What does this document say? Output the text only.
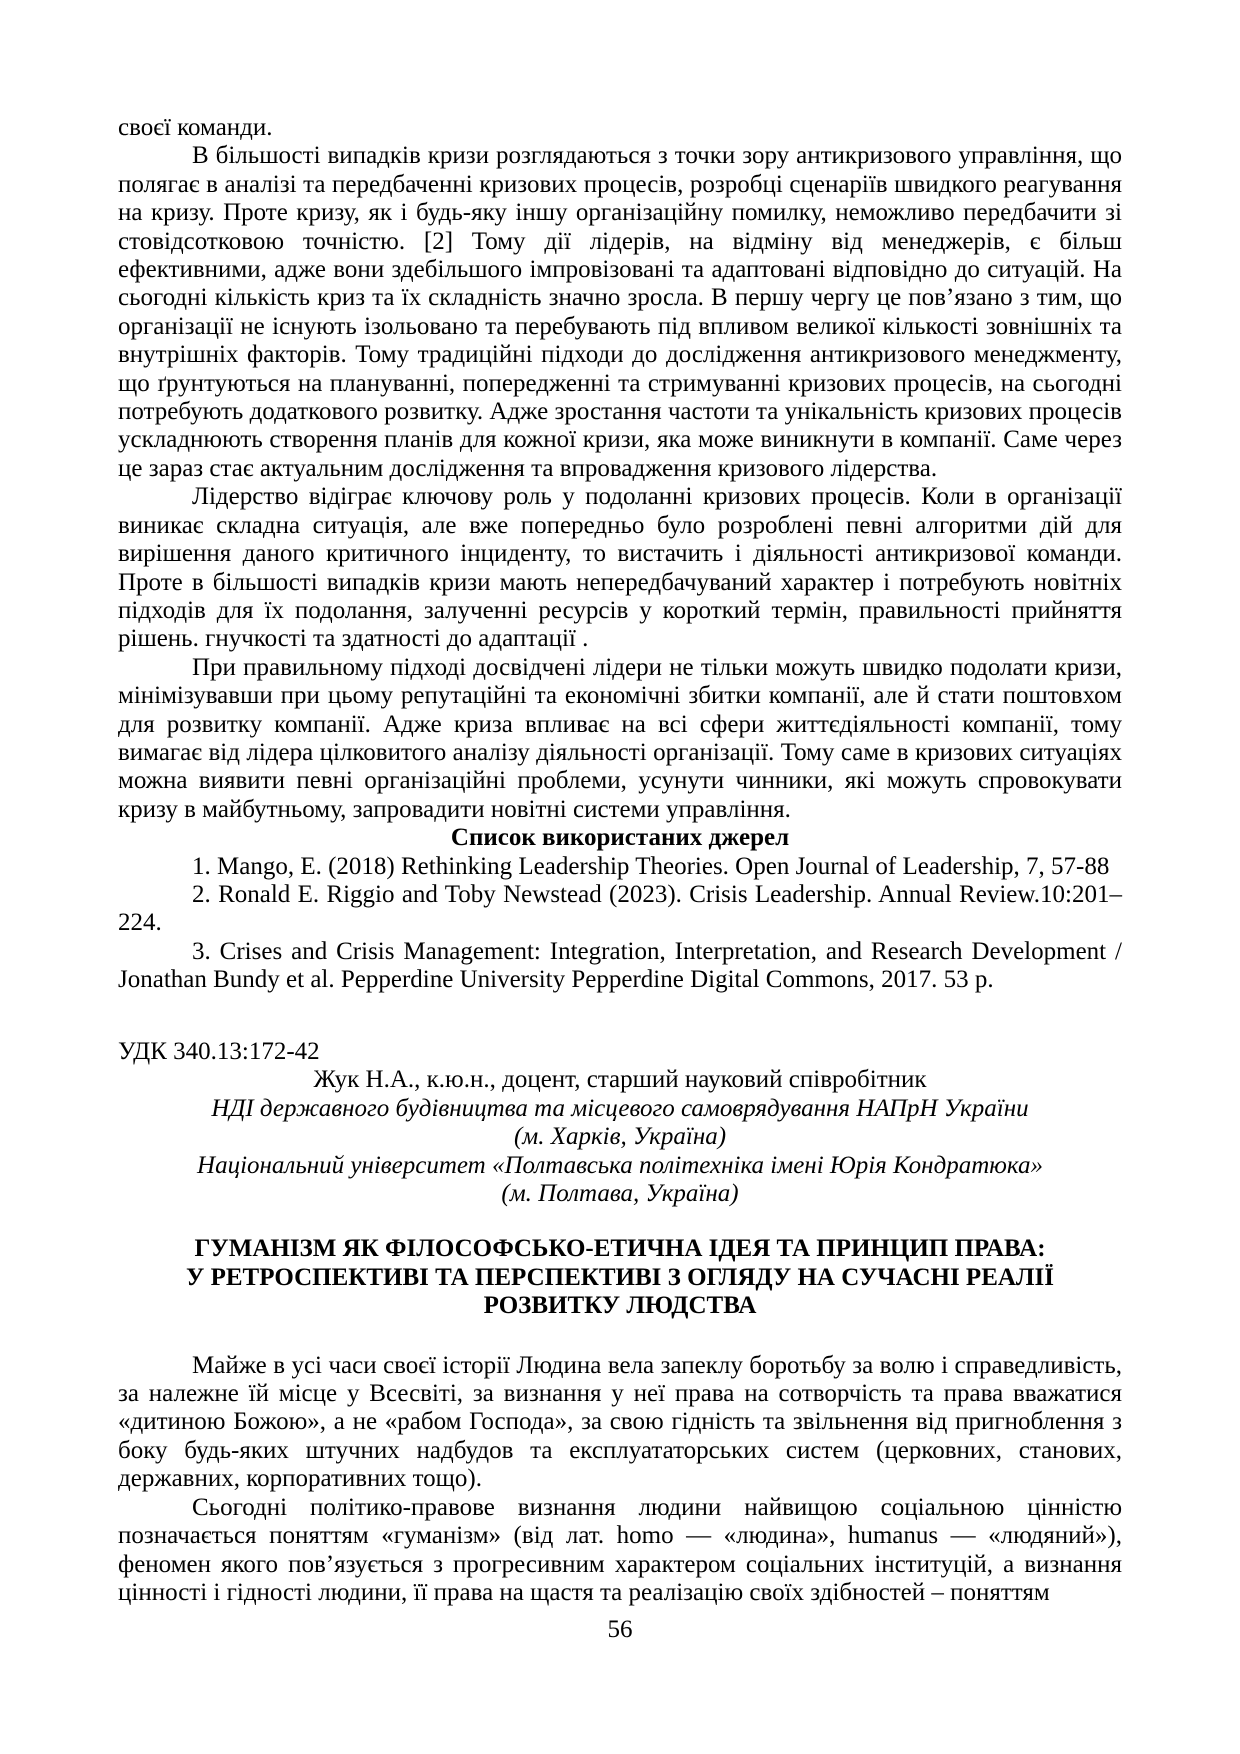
своєї команди.

В більшості випадків кризи розглядаються з точки зору антикризового управління, що полягає в аналізі та передбаченні кризових процесів, розробці сценаріїв швидкого реагування на кризу. Проте кризу, як і будь-яку іншу організаційну помилку, неможливо передбачити зі стовідсотковою точністю. [2] Тому дії лідерів, на відміну від менеджерів, є більш ефективними, адже вони здебільшого імпровізовані та адаптовані відповідно до ситуацій. На сьогодні кількість криз та їх складність значно зросла. В першу чергу це пов’язано з тим, що організації не існують ізольовано та перебувають під впливом великої кількості зовнішніх та внутрішніх факторів. Тому традиційні підходи до дослідження антикризового менеджменту, що ґрунтуються на плануванні, попередженні та стримуванні кризових процесів, на сьогодні потребують додаткового розвитку. Адже зростання частоти та унікальність кризових процесів ускладнюють створення планів для кожної кризи, яка може виникнути в компанії. Саме через це зараз стає актуальним дослідження та впровадження кризового лідерства.

Лідерство відіграє ключову роль у подоланні кризових процесів. Коли в організації виникає складна ситуація, але вже попередньо було розроблені певні алгоритми дій для вирішення даного критичного інциденту, то вистачить і діяльності антикризової команди. Проте в більшості випадків кризи мають непередбачуваний характер і потребують новітніх підходів для їх подолання, залученні ресурсів у короткий термін, правильності прийняття рішень. гнучкості та здатності до адаптації .

При правильному підході досвідчені лідери не тільки можуть швидко подолати кризи, мінімізувавши при цьому репутаційні та економічні збитки компанії, але й стати поштовхом для розвитку компанії. Адже криза впливає на всі сфери життєдіяльності компанії, тому вимагає від лідера цілковитого аналізу діяльності організації. Тому саме в кризових ситуаціях можна виявити певні організаційні проблеми, усунути чинники, які можуть спровокувати кризу в майбутньому, запровадити новітні системи управління.

Список використаних джерел

1. Mango, E. (2018) Rethinking Leadership Theories. Open Journal of Leadership, 7, 57-88

2. Ronald E. Riggio and Toby Newstead (2023). Crisis Leadership. Annual Review.10:201–224.

3. Crises and Crisis Management: Integration, Interpretation, and Research Development / Jonathan Bundy et al. Pepperdine University Pepperdine Digital Commons, 2017. 53 p.

УДК 340.13:172-42

Жук Н.А., к.ю.н., доцент, старший науковий співробітник

НДІ державного будівництва та місцевого самоврядування НАПрН України

(м. Харків, Україна)

Національний університет «Полтавська політехніка імені Юрія Кондратюка»

(м. Полтава, Україна)

ГУМАНІЗМ ЯК ФІЛОСОФСЬКО-ЕТИЧНА ІДЕЯ ТА ПРИНЦИП ПРАВА:
У РЕТРОСПЕКТИВІ ТА ПЕРСПЕКТИВІ З ОГЛЯДУ НА СУЧАСНІ РЕАЛІЇ
РОЗВИТКУ ЛЮДСТВА

Майже в усі часи своєї історії Людина вела запеклу боротьбу за волю і справедливість, за належне їй місце у Всесвіті, за визнання у неї права на сотворчість та права вважатися «дитиною Божою», а не «рабом Господа», за свою гідність та звільнення від пригноблення з боку будь-яких штучних надбудов та експлуататорських систем (церковних, станових, державних, корпоративних тощо).

Сьогодні політико-правове визнання людини найвищою соціальною цінністю позначається поняттям «гуманізм» (від лат. homo — «людина», humanus — «людяний»), феномен якого пов’язується з прогресивним характером соціальних інституцій, а визнання цінності і гідності людини, її права на щастя та реалізацію своїх здібностей – поняттям

56
